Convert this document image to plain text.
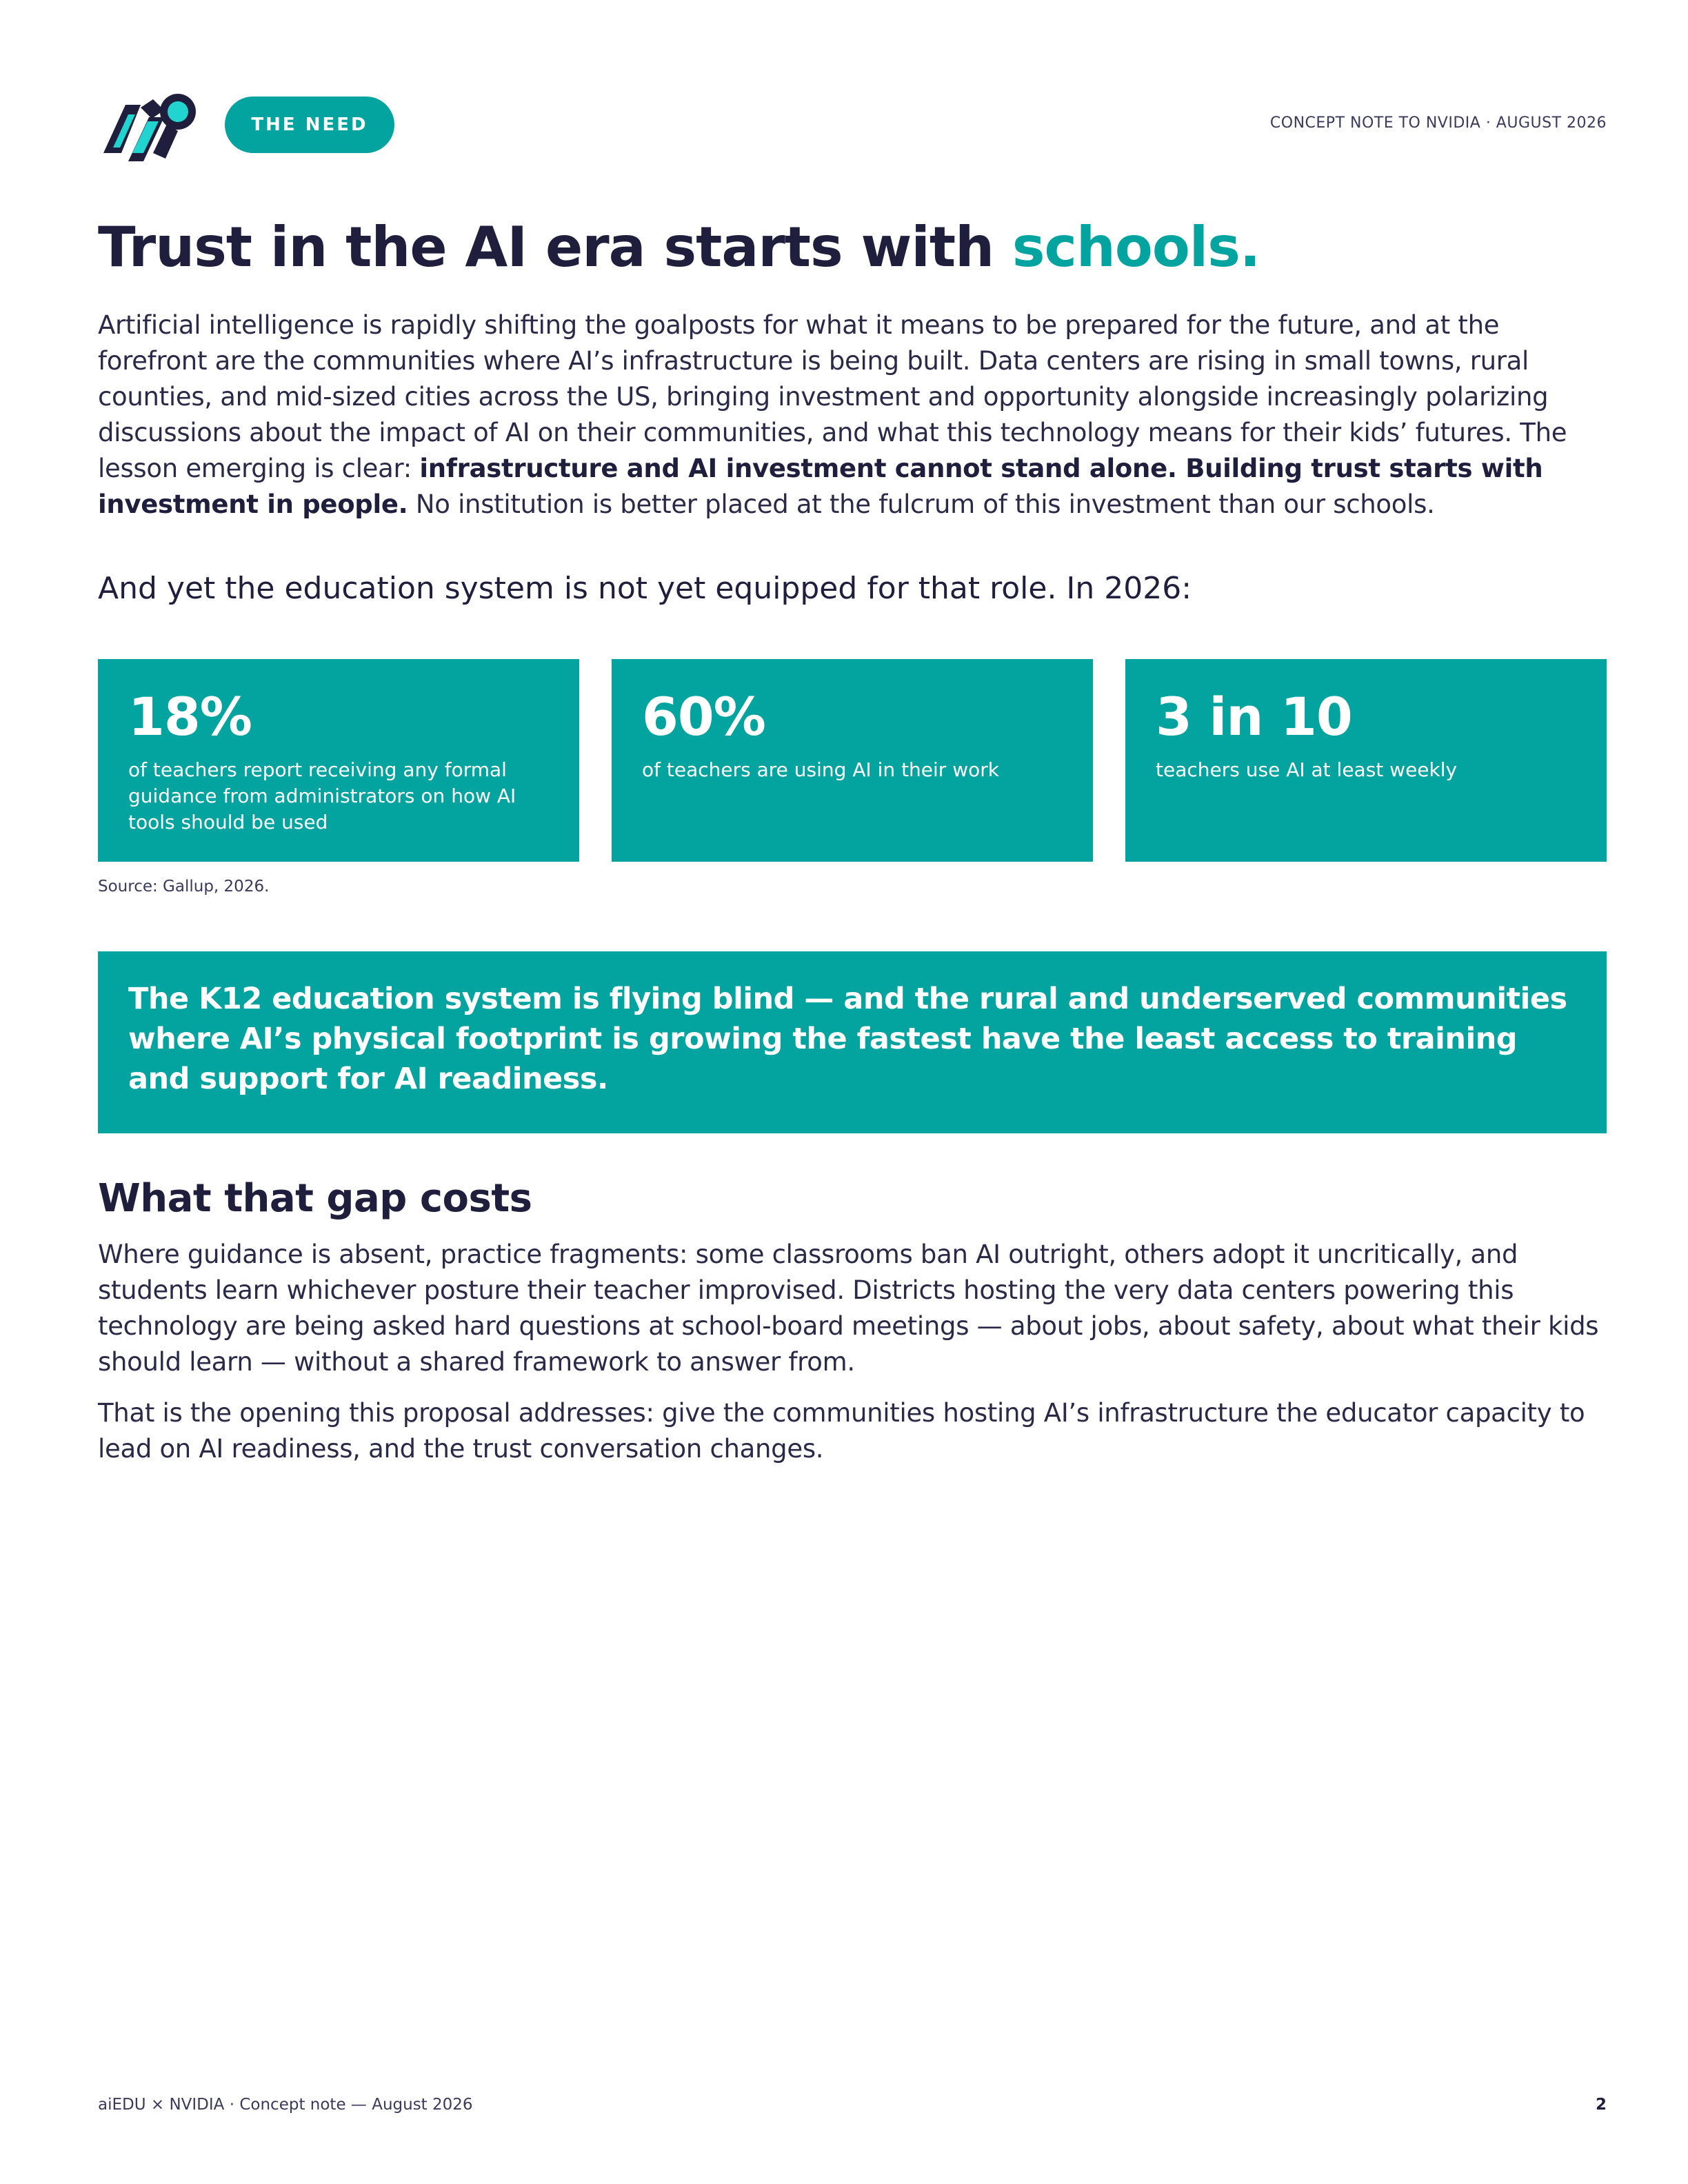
THE NEED	CONCEPT NOTE TO NVIDIA · AUGUST 2026
Trust in the AI era starts with schools.

Artificial intelligence is rapidly shifting the goalposts for what it means to be prepared for the future, and at the forefront are the communities where AI’s infrastructure is being built. Data centers are rising in small towns, rural counties, and mid-sized cities across the US, bringing investment and opportunity alongside increasingly polarizing discussions about the impact of AI on their communities, and what this technology means for their kids’ futures. The lesson emerging is clear: infrastructure and AI investment cannot stand alone. Building trust starts with investment in people. No institution is better placed at the fulcrum of this investment than our schools.

And yet the education system is not yet equipped for that role. In 2026:

18%
of teachers report receiving any formal guidance from administrators on how AI tools should be used
60%
of teachers are using AI in their work
3 in 10
teachers use AI at least weekly
Source: Gallup, 2026.
The K12 education system is flying blind — and the rural and underserved communities where AI’s physical footprint is growing the fastest have the least access to training and support for AI readiness.
What that gap costs

Where guidance is absent, practice fragments: some classrooms ban AI outright, others adopt it uncritically, and students learn whichever posture their teacher improvised. Districts hosting the very data centers powering this technology are being asked hard questions at school-board meetings — about jobs, about safety, about what their kids should learn — without a shared framework to answer from.

That is the opening this proposal addresses: give the communities hosting AI’s infrastructure the educator capacity to lead on AI readiness, and the trust conversation changes.

aiEDU × NVIDIA · Concept note — August 2026	2
